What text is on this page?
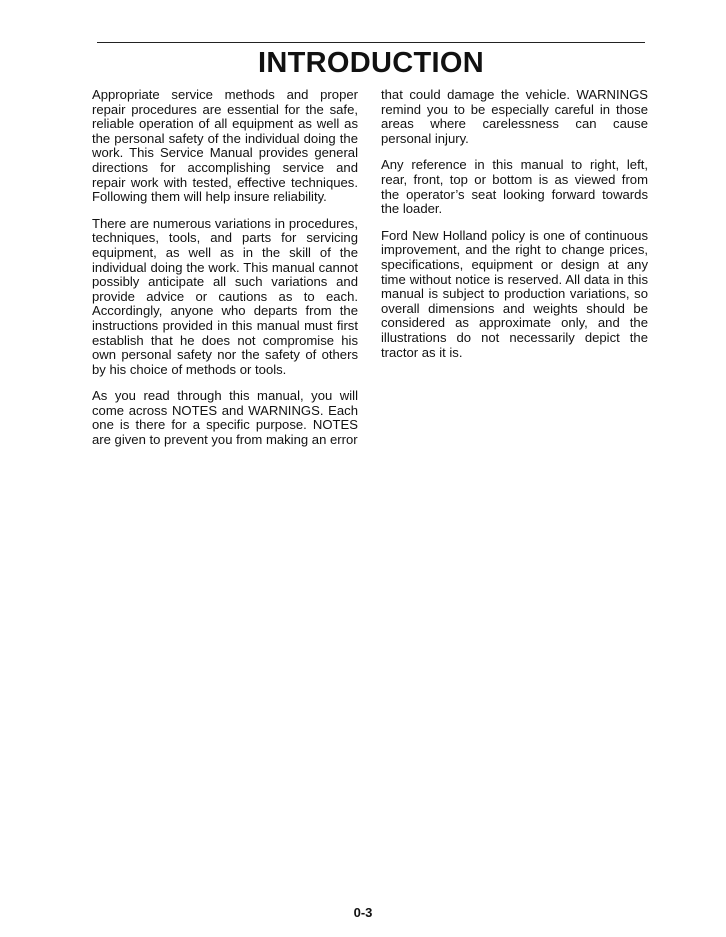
INTRODUCTION

Appropriate service methods and proper repair procedures are essential for the safe, reliable operation of all equipment as well as the personal safety of the individual doing the work. This Service Manual provides general directions for accomplishing service and repair work with tested, effective techniques. Following them will help insure reliability.

There are numerous variations in procedures, techniques, tools, and parts for servicing equipment, as well as in the skill of the individual doing the work. This manual cannot possibly anticipate all such variations and provide advice or cautions as to each. Accordingly, anyone who departs from the instructions provided in this manual must first establish that he does not compromise his own personal safety nor the safety of others by his choice of methods or tools.

As you read through this manual, you will come across NOTES and WARNINGS. Each one is there for a specific purpose. NOTES are given to prevent you from making an error

that could damage the vehicle. WARNINGS remind you to be especially careful in those areas where carelessness can cause personal injury.

Any reference in this manual to right, left, rear, front, top or bottom is as viewed from the operator’s seat looking forward towards the loader.

Ford New Holland policy is one of continuous improvement, and the right to change prices, specifications, equipment or design at any time without notice is reserved. All data in this manual is subject to production variations, so overall dimensions and weights should be considered as approximate only, and the illustrations do not necessarily depict the tractor as it is.

0-3
